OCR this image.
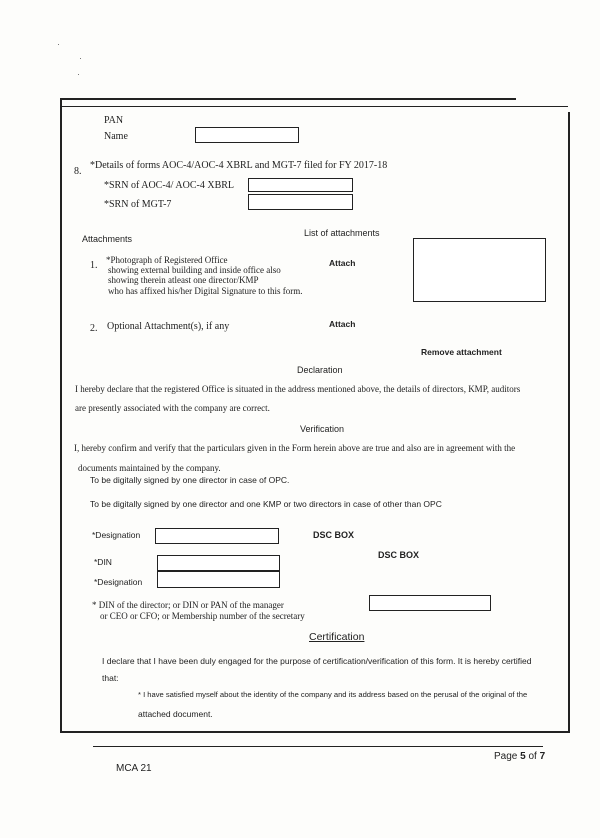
PAN
Name
8.
*Details of forms AOC-4/AOC-4 XBRL and MGT-7 filed for FY 2017-18
*SRN of AOC-4/ AOC-4 XBRL
*SRN of MGT-7
Attachments
List of attachments
1. *Photograph of Registered Office
showing external building and inside office also
showing therein atleast one director/KMP
who has affixed his/her Digital Signature to this form.
Attach
2. Optional Attachment(s), if any	Attach
Remove attachment
Declaration
I hereby declare that the registered Office is situated in the address mentioned above, the details of directors, KMP, auditors
are presently associated with the company are correct.
Verification
I, hereby confirm and verify that the particulars given in the Form herein above are true and also are in agreement with the
documents maintained by the company.
To be digitally signed by one director in case of OPC.
To be digitally signed by one director and one KMP or two directors in case of other than OPC
*Designation	DSC BOX
*DIN
DSC BOX
*Designation
* DIN of the director; or DIN or PAN of the manager
or CEO or CFO; or Membership number of the secretary
Certification
I declare that I have been duly engaged for the purpose of certification/verification of this form. It is hereby certified
that:
* I have satisfied myself about the identity of the company and its address based on the perusal of the original of the
attached document.
MCA 21
Page 5 of 7
